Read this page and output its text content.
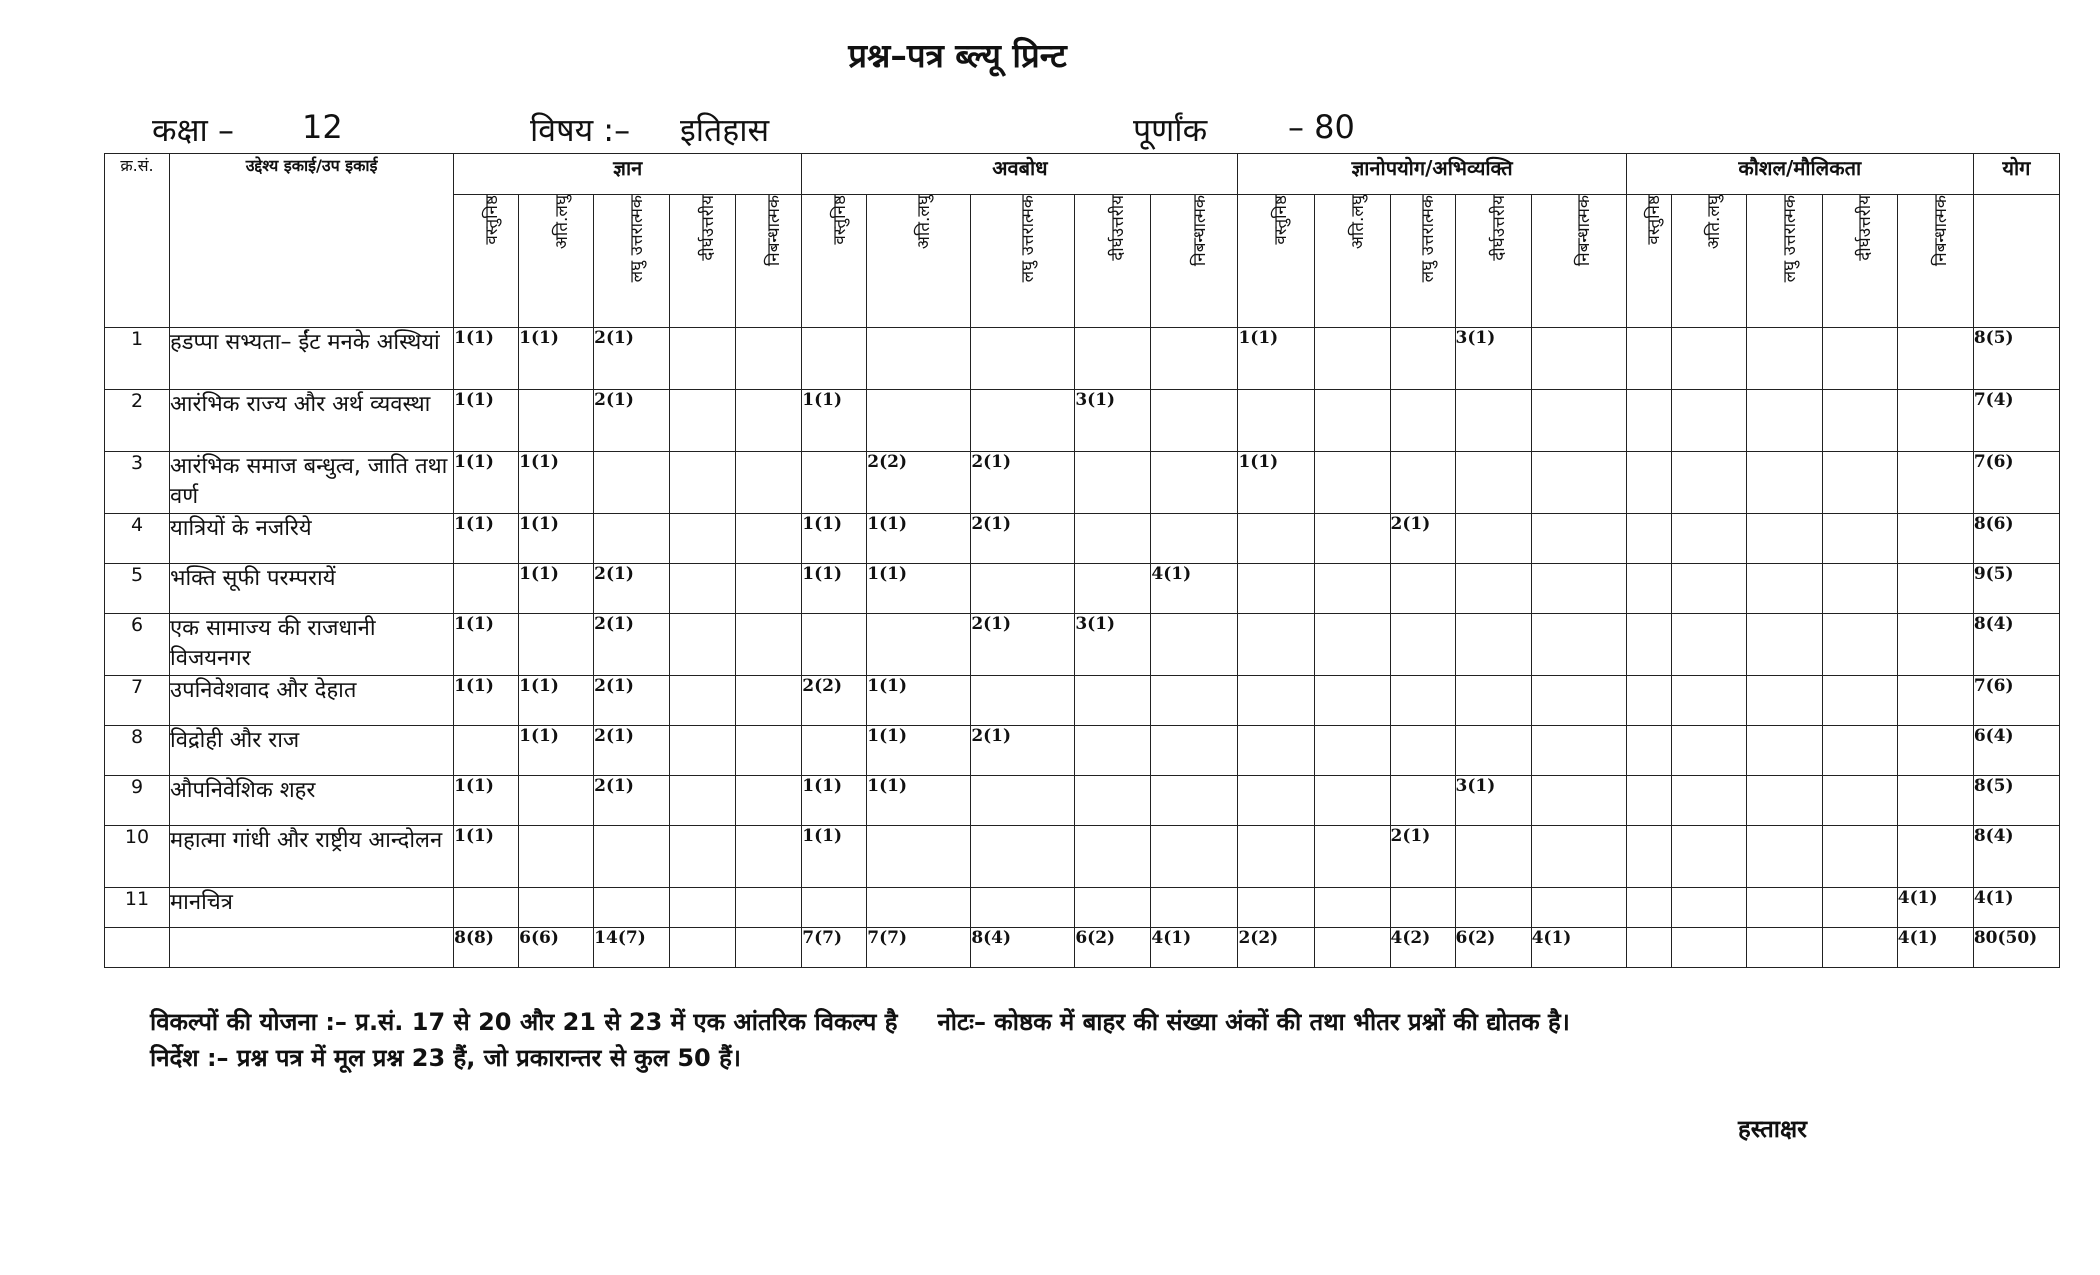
प्रश्न–पत्र ब्ल्यू प्रिन्ट
कक्षा – 12	विषय :– इतिहास	पूर्णांक	– 80
क्र.सं.	उद्देश्य इकाई/उप इकाई	ज्ञान					अवबोध					ज्ञानोपयोग/अभिव्यक्ति					कौशल/मौलिकता					योग
		वस्तुनिष्ठ	अति.लघु	लघु उत्तरात्मक	दीर्घउत्तरीय	निबन्धात्मक	वस्तुनिष्ठ	अति.लघु	लघु उत्तरात्मक	दीर्घउत्तरीय	निबन्धात्मक	वस्तुनिष्ठ	अति.लघु	लघु उत्तरात्मक	दीर्घउत्तरीय	निबन्धात्मक	वस्तुनिष्ठ	अति.लघु	लघु उत्तरात्मक	दीर्घउत्तरीय	निबन्धात्मक	
1	हडप्पा सभ्यता– ईंट मनके अस्थियां	1(1)	1(1)	2(1)								1(1)			3(1)							8(5)
2	आरंभिक राज्य और अर्थ व्यवस्था	1(1)		2(1)			1(1)			3(1)												7(4)
3	आरंभिक समाज बन्धुत्व, जाति तथा वर्ण	1(1)	1(1)					2(2)	2(1)			1(1)										7(6)
4	यात्रियों के नजरिये	1(1)	1(1)				1(1)	1(1)	2(1)					2(1)								8(6)
5	भक्ति सूफी परम्परायें		1(1)	2(1)			1(1)	1(1)			4(1)											9(5)
6	एक सामाज्य की राजधानी विजयनगर	1(1)		2(1)					2(1)	3(1)												8(4)
7	उपनिवेशवाद और देहात	1(1)	1(1)	2(1)			2(2)	1(1)														7(6)
8	विद्रोही और राज		1(1)	2(1)				1(1)	2(1)													6(4)
9	औपनिवेशिक शहर	1(1)		2(1)			1(1)	1(1)							3(1)							8(5)
10	महात्मा गांधी और राष्ट्रीय आन्दोलन	1(1)					1(1)							2(1)								8(4)
11	मानचित्र																				4(1)	4(1)
		8(8)	6(6)	14(7)			7(7)	7(7)	8(4)	6(2)	4(1)	2(2)		4(2)	6(2)	4(1)					4(1)	80(50)
विकल्पों की योजना :– प्र.सं. 17 से 20 और 21 से 23 में एक आंतरिक विकल्प है नोटः– कोष्ठक में बाहर की संख्या अंकों की तथा भीतर प्रश्नों की द्योतक है।
निर्देश :– प्रश्न पत्र में मूल प्रश्न 23 हैं, जो प्रकारान्तर से कुल 50 हैं।
हस्ताक्षर
